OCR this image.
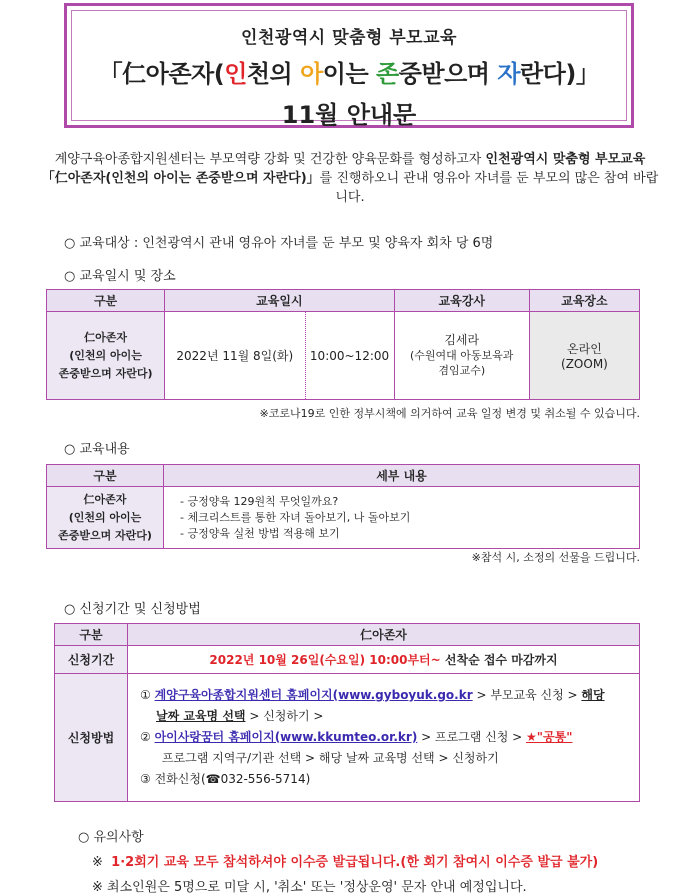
인천광역시 맞춤형 부모교육
「仁아존자(인천의 아이는 존중받으며 자란다)」
11월 안내문
계양구육아종합지원센터는 부모역량 강화 및 건강한 양육문화를 형성하고자 인천광역시 맞춤형 부모교육 「仁아존자(인천의 아이는 존중받으며 자란다)」를 진행하오니 관내 영유아 자녀를 둔 부모의 많은 참여 바랍니다.
○ 교육대상 : 인천광역시 관내 영유아 자녀를 둔 부모 및 양육자 회차 당 6명
○ 교육일시 및 장소
구분	교육일시		교육강사	교육장소
仁아존자
(인천의 아이는
존중받으며 자란다)	2022년 11월 8일(화)	10:00~12:00	김세라
(수원여대 아동보육과
겸임교수)	온라인
(ZOOM)
※코로나19로 인한 정부시책에 의거하여 교육 일정 변경 및 취소될 수 있습니다.
○ 교육내용
구분	세부 내용
仁아존자
(인천의 아이는
존중받으며 자란다)	- 긍정양육 129원칙 무엇일까요?
- 체크리스트를 통한 자녀 돌아보기, 나 돌아보기
- 긍정양육 실천 방법 적용해 보기
※참석 시, 소정의 선물을 드립니다.
○ 신청기간 및 신청방법
구분	仁아존자
신청기간	2022년 10월 26일(수요일) 10:00부터~ 선착순 접수 마감까지
신청방법	① 계양구육아종합지원센터 홈페이지(www.gyboyuk.go.kr > 부모교육 신청 > 해당
날짜 교육명 선택 > 신청하기 >
② 아이사랑꿈터 홈페이지(www.kkumteo.or.kr) > 프로그램 신청 > ★"공통"
프로그램 지역구/기관 선택 > 해당 날짜 교육명 선택 > 신청하기
③ 전화신청(☎032-556-5714)
○ 유의사항
※ 1·2회기 교육 모두 참석하셔야 이수증 발급됩니다.(한 회기 참여시 이수증 발급 불가)
※ 최소인원은 5명으로 미달 시, '취소' 또는 '정상운영' 문자 안내 예정입니다.
